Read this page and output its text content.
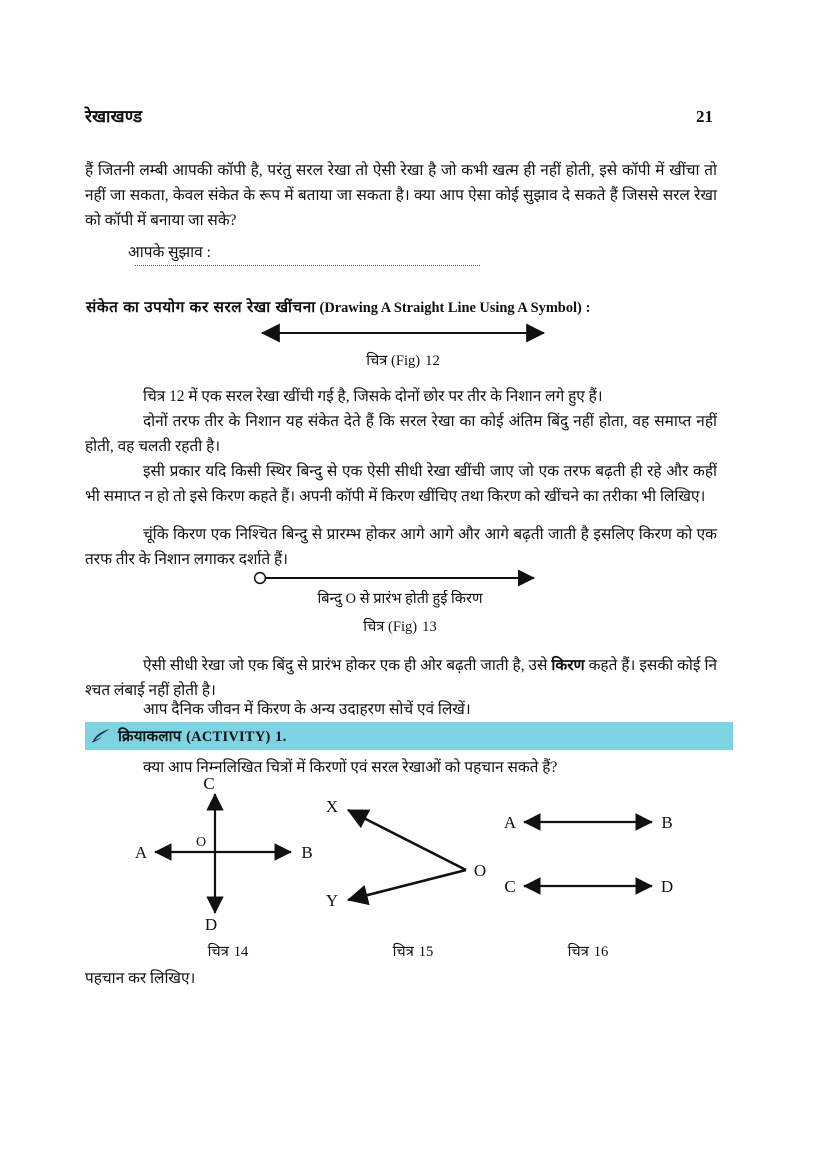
रेखाखण्ड	21

हैं जितनी लम्बी आपकी कॉपी है, परंतु सरल रेखा तो ऐसी रेखा है जो कभी खत्म ही नहीं होती, इसे कॉपी में खींचा तो नहीं जा सकता, केवल संकेत के रूप में बताया जा सकता है। क्या आप ऐसा कोई सुझाव दे सकते हैं जिससे सरल रेखा को कॉपी में बनाया जा सके?

आपके सुझाव :
संकेत का उपयोग कर सरल रेखा खींचना (Drawing A Straight Line Using A Symbol) :
चित्र (Fig) 12

चित्र 12 में एक सरल रेखा खींची गई है, जिसके दोनों छोर पर तीर के निशान लगे हुए हैं।

दोनों तरफ तीर के निशान यह संकेत देते हैं कि सरल रेखा का कोई अंतिम बिंदु नहीं होता, वह समाप्त नहीं होती, वह चलती रहती है।

इसी प्रकार यदि किसी स्थिर बिन्दु से एक ऐसी सीधी रेखा खींची जाए जो एक तरफ बढ़ती ही रहे और कहीं भी समाप्त न हो तो इसे किरण कहते हैं। अपनी कॉपी में किरण खींचिए तथा किरण को खींचने का तरीका भी लिखिए।

चूंकि किरण एक निश्चित बिन्दु से प्रारम्भ होकर आगे आगे और आगे बढ़ती जाती है इसलिए किरण को एक तरफ तीर के निशान लगाकर दर्शाते हैं।

बिन्दु O से प्रारंभ होती हुई किरण
चित्र (Fig) 13

ऐसी सीधी रेखा जो एक बिंदु से प्रारंभ होकर एक ही ओर बढ़ती जाती है, उसे किरण कहते हैं। इसकी कोई नि श्चत लंबाई नहीं होती है।

आप दैनिक जीवन में किरण के अन्य उदाहरण सोचें एवं लिखें।

क्रियाकलाप (ACTIVITY) 1.

क्या आप निम्नलिखित चित्रों में किरणों एवं सरल रेखाओं को पहचान सकते हैं?

C
D
A	B
O
चित्र 14
X
Y
O
चित्र 15
A	B
C	D
चित्र 16

पहचान कर लिखिए।
